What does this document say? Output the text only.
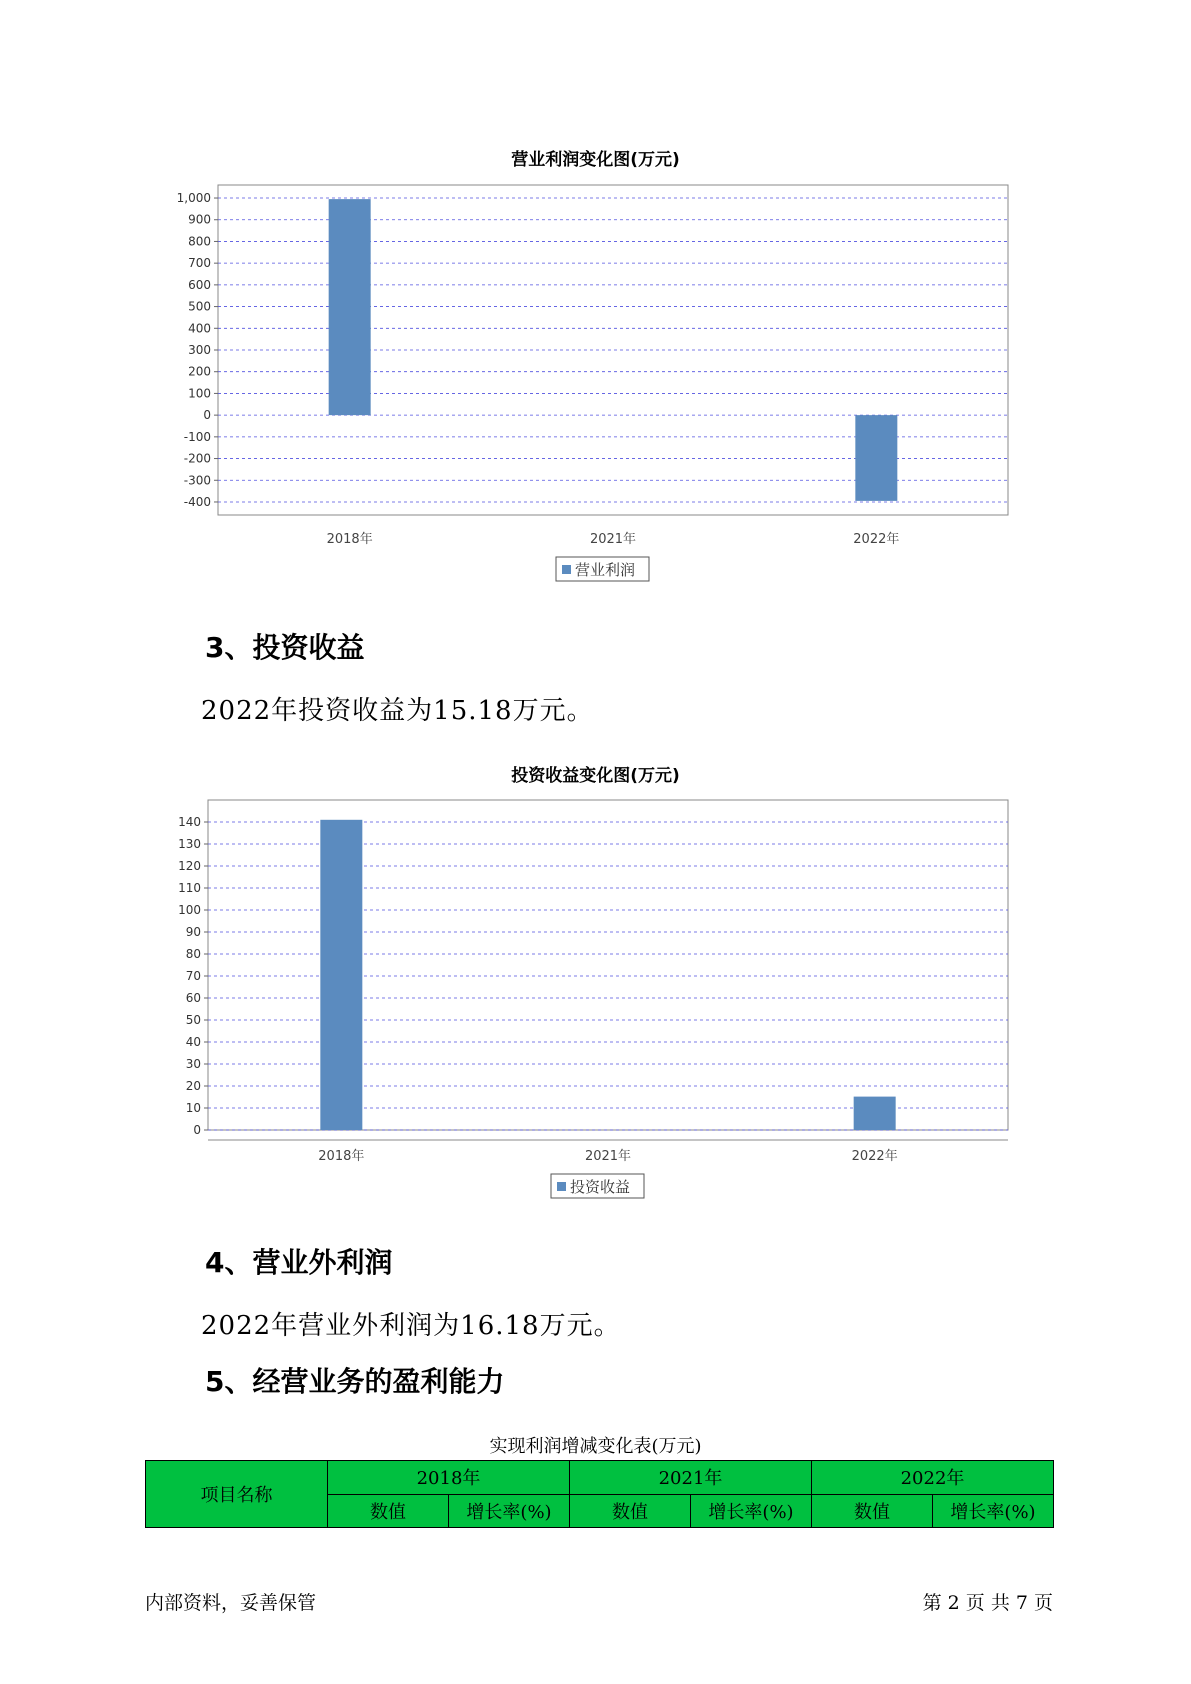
营业利润变化图(万元)
1,000
900
800
700
600
500
400
300
200
100
0
-100
-200
-300
-400
2018年	2021年	2022年
营业利润
3、投资收益
2022年投资收益为15.18万元。
投资收益变化图(万元)
140
130
120
110
100
90
80
70
60
50
40
30
20
10
0
2018年	2021年	2022年
投资收益
4、营业外利润
2022年营业外利润为16.18万元。
5、经营业务的盈利能力
实现利润增减变化表(万元)
项目名称	2018年		2021年		2022年	
	数值	增长率(%)	数值	增长率(%)	数值	增长率(%)
内部资料，妥善保管	第 2 页 共 7 页
